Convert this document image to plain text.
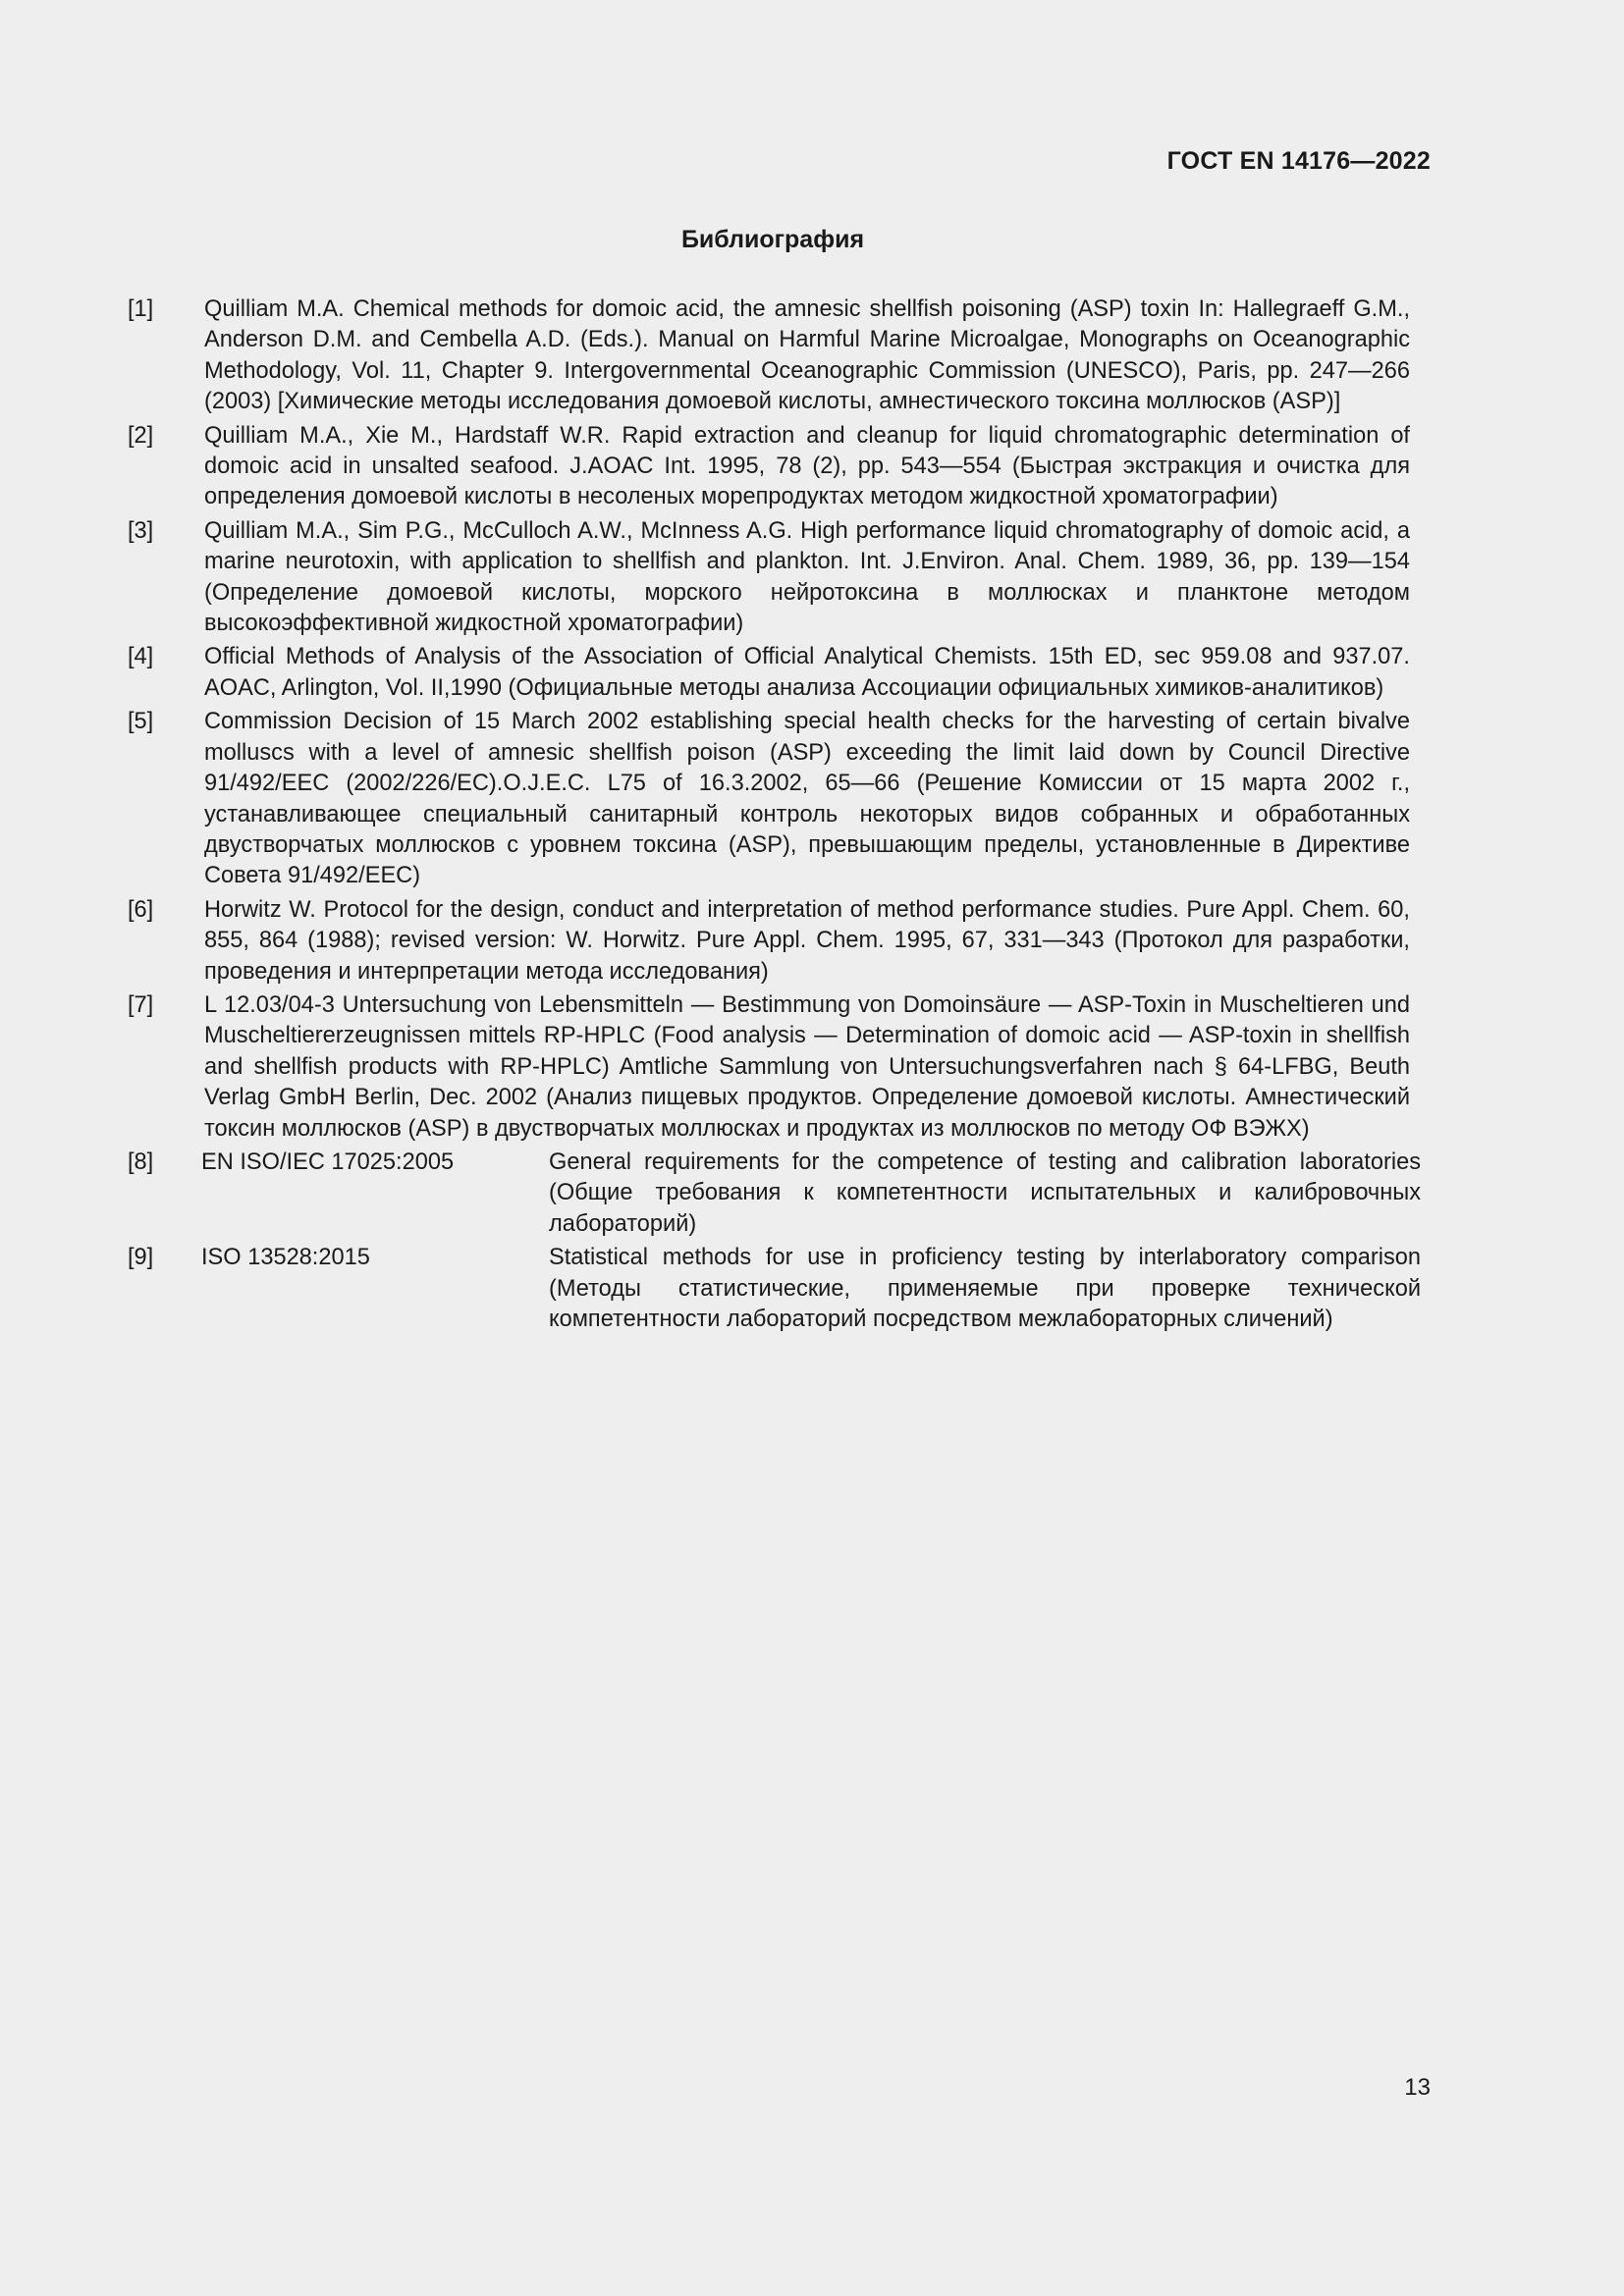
ГОСТ EN 14176—2022
Библиография
[1]	Quilliam M.A. Chemical methods for domoic acid, the amnesic shellfish poisoning (ASP) toxin In: Hallegraeff G.M., Anderson D.M. and Cembella A.D. (Eds.). Manual on Harmful Marine Microalgae, Monographs on Oceanographic Methodology, Vol. 11, Chapter 9. Intergovernmental Oceanographic Commission (UNESCO), Paris, pp. 247—266 (2003) [Химические методы исследования домоевой кислоты, амнестического токсина моллюсков (ASP)]
[2]	Quilliam M.A., Xie M., Hardstaff W.R. Rapid extraction and cleanup for liquid chromatographic determination of domoic acid in unsalted seafood. J.AOAC Int. 1995, 78 (2), pp. 543—554 (Быстрая экстракция и очистка для определения домоевой кислоты в несоленых морепродуктах методом жидкостной хроматографии)
[3]	Quilliam M.A., Sim P.G., McCulloch A.W., McInness A.G. High performance liquid chromatography of domoic acid, a marine neurotoxin, with application to shellfish and plankton. Int. J.Environ. Anal. Chem. 1989, 36, pp. 139—154 (Определение домоевой кислоты, морского нейротоксина в моллюсках и планктоне методом высокоэффективной жидкостной хроматографии)
[4]	Official Methods of Analysis of the Association of Official Analytical Chemists. 15th ED, sec 959.08 and 937.07. AOAC, Arlington, Vol. II,1990 (Официальные методы анализа Ассоциации официальных химиков-аналитиков)
[5]	Commission Decision of 15 March 2002 establishing special health checks for the harvesting of certain bivalve molluscs with a level of amnesic shellfish poison (ASP) exceeding the limit laid down by Council Directive 91/492/EEC (2002/226/EC).O.J.E.C. L75 of 16.3.2002, 65—66 (Решение Комиссии от 15 марта 2002 г., устанавливающее специальный санитарный контроль некоторых видов собранных и обработанных двустворчатых моллюсков с уровнем токсина (ASP), превышающим пределы, установленные в Директиве Совета 91/492/EEC)
[6]	Horwitz W. Protocol for the design, conduct and interpretation of method performance studies. Pure Appl. Chem. 60, 855, 864 (1988); revised version: W. Horwitz. Pure Appl. Chem. 1995, 67, 331—343 (Протокол для разработки, проведения и интерпретации метода исследования)
[7]	L 12.03/04-3 Untersuchung von Lebensmitteln — Bestimmung von Domoinsäure — ASP-Toxin in Muscheltieren und Muscheltiererzeugnissen mittels RP-HPLC (Food analysis — Determination of domoic acid — ASP-toxin in shellfish and shellfish products with RP-HPLC) Amtliche Sammlung von Untersuchungsverfahren nach § 64-LFBG, Beuth Verlag GmbH Berlin, Dec. 2002 (Анализ пищевых продуктов. Определение домоевой кислоты. Амнестический токсин моллюсков (ASP) в двустворчатых моллюсках и продуктах из моллюсков по методу ОФ ВЭЖХ)
[8]	EN ISO/IEC 17025:2005	General requirements for the competence of testing and calibration laboratories (Общие требования к компетентности испытательных и калибровочных лабораторий)
[9]	ISO 13528:2015	Statistical methods for use in proficiency testing by interlaboratory comparison (Методы статистические, применяемые при проверке технической компетентности лабораторий посредством межлабораторных сличений)
13
